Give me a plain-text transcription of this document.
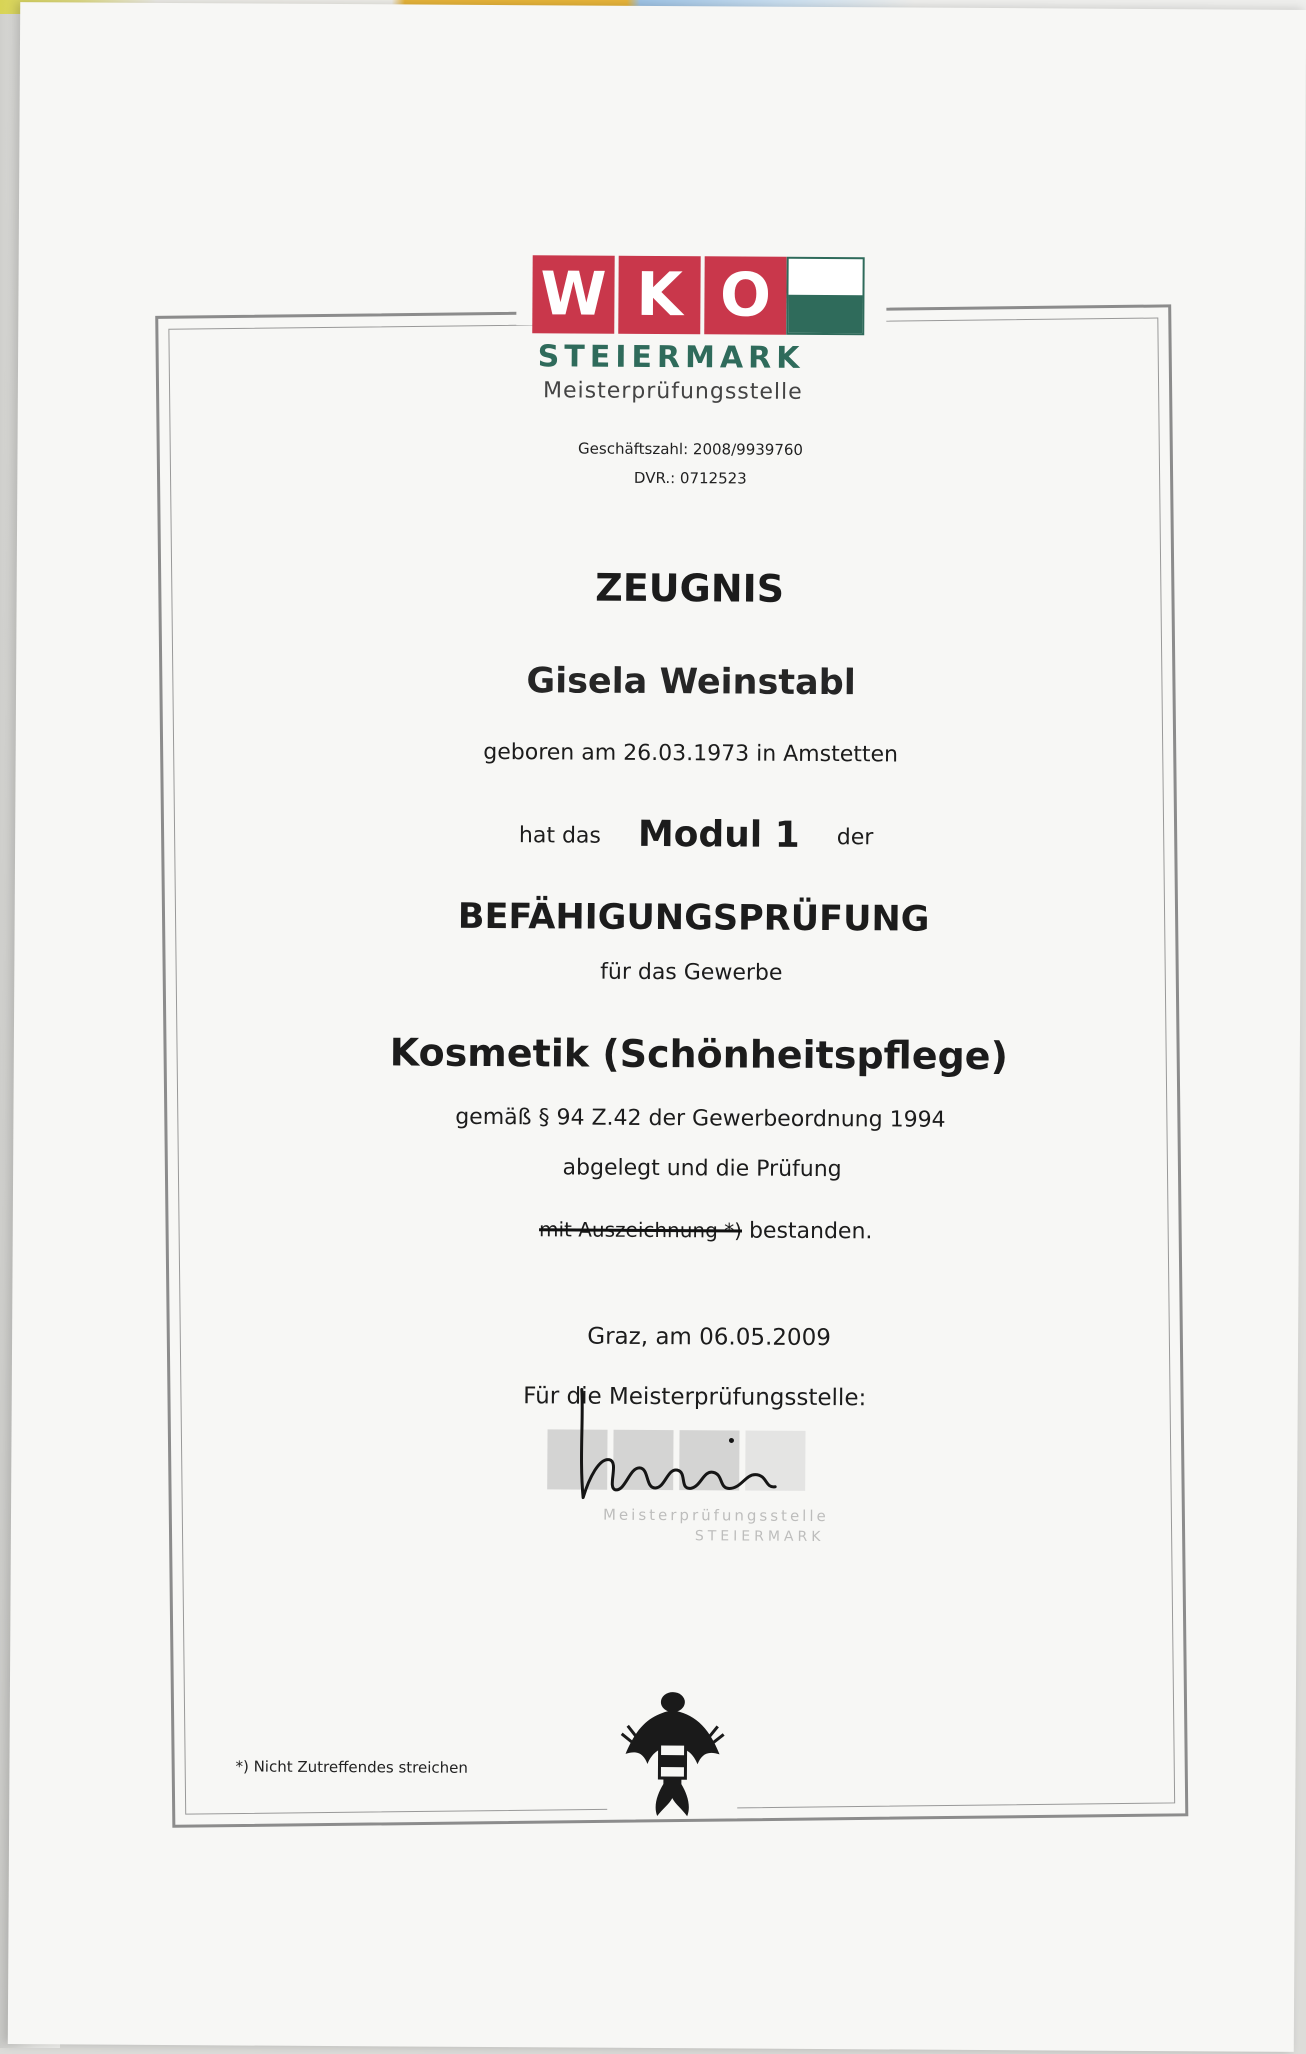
W K O
STEIERMARK
Meisterprüfungsstelle
Geschäftszahl: 2008/9939760
DVR.: 0712523
ZEUGNIS
Gisela Weinstabl
geboren am 26.03.1973 in Amstetten
hat das Modul 1 der
BEFÄHIGUNGSPRÜFUNG
für das Gewerbe
Kosmetik (Schönheitspflege)
gemäß § 94 Z.42 der Gewerbeordnung 1994
abgelegt und die Prüfung
mit Auszeichnung *) bestanden.
Graz, am 06.05.2009
Für die Meisterprüfungsstelle:
Meisterprüfungsstelle
STEIERMARK
*) Nicht Zutreffendes streichen
